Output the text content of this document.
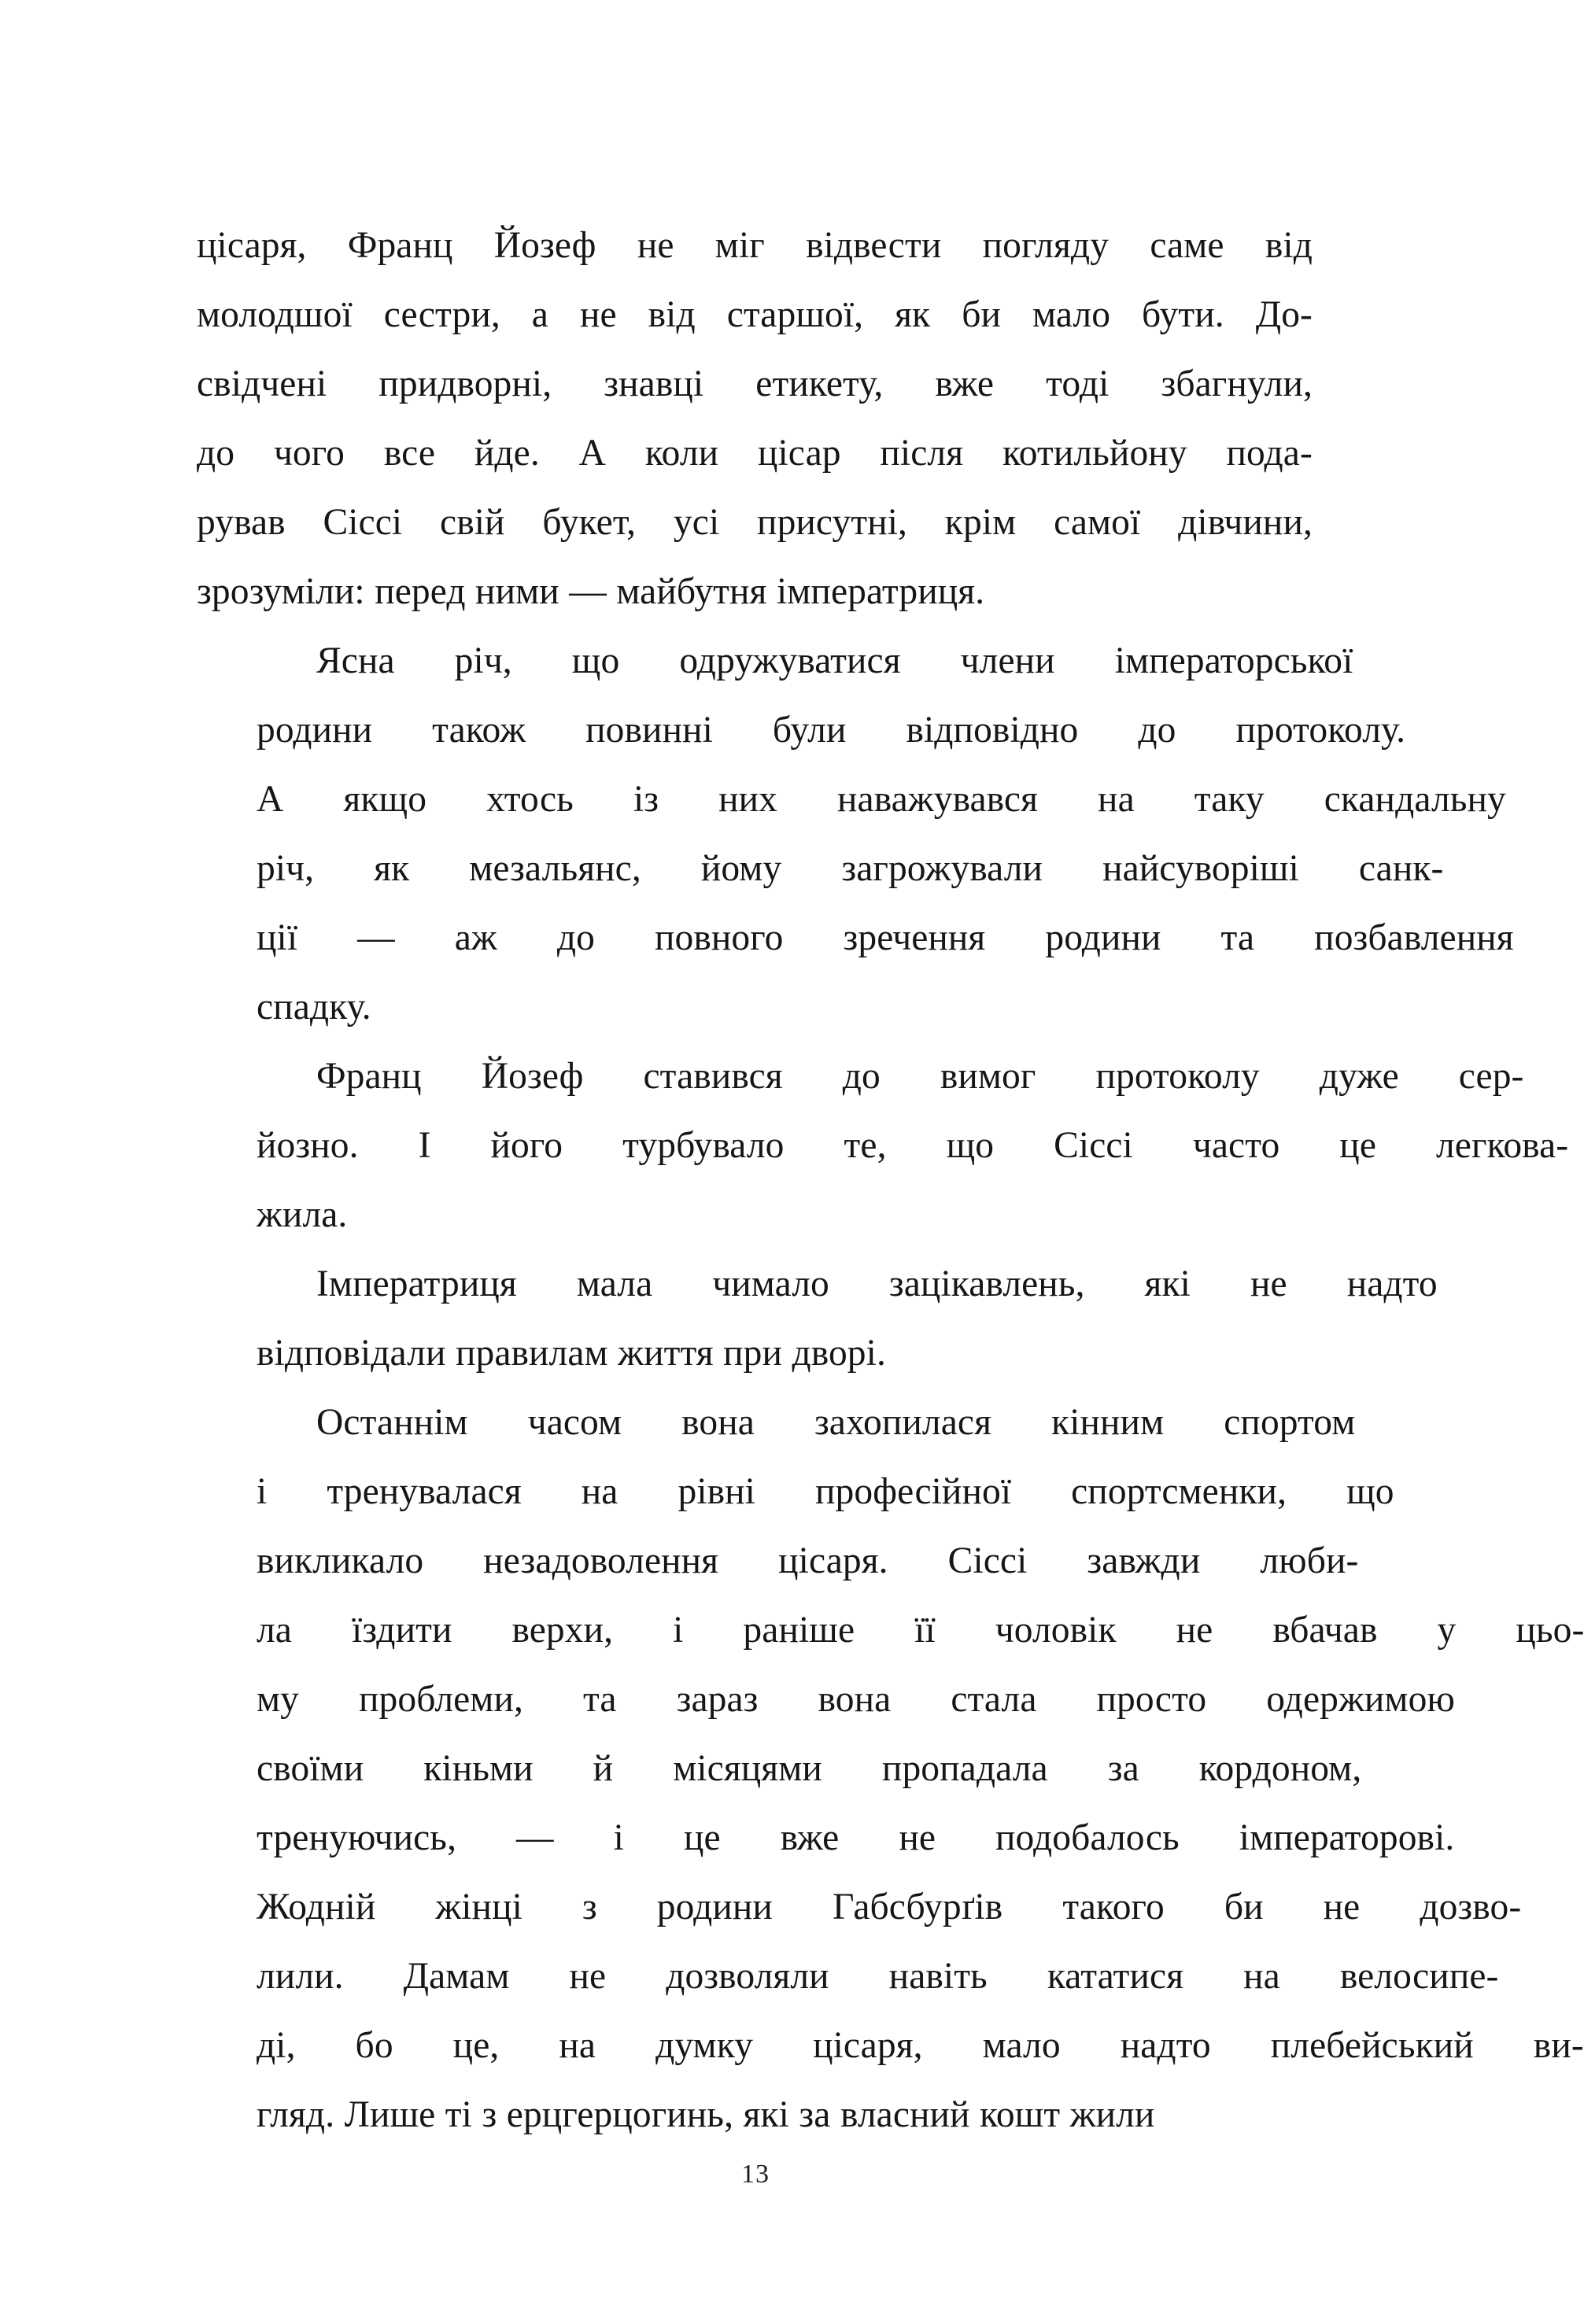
цісаря, Франц Йозеф не міг відвести погляду саме від
молодшої сестри, а не від старшої, як би мало бути. До-
свідчені придворні, знавці етикету, вже тоді збагнули,
до чого все йде. А коли цісар після котильйону пода-
рував Сіссі свій букет, усі присутні, крім самої дівчини,
зрозуміли: перед ними — майбутня імператриця.

Ясна	річ,	що	одружуватися	члени	імператорської
родини	також	повинні	були	відповідно	до	протоколу.
А	якщо	хтось	із	них	наважувався	на	таку	скандальну
річ,	як	мезальянс,	йому	загрожували	найсуворіші	санк-
ції	—	аж	до	повного	зречення	родини	та	позбавлення
спадку.

Франц	Йозеф	ставився	до	вимог	протоколу	дуже	сер-
йозно.	І	його	турбувало	те,	що	Сіссі	часто	це	легкова-
жила.

Імператриця	мала	чимало	зацікавлень,	які	не	надто
відповідали правилам життя при дворі.

Останнім	часом	вона	захопилася	кінним	спортом
і	тренувалася	на	рівні	професійної	спортсменки,	що
викликало	незадоволення	цісаря.	Сіссі	завжди	люби-
ла	їздити	верхи,	і	раніше	її	чоловік	не	вбачав	у	цьо-
му	проблеми,	та	зараз	вона	стала	просто	одержимою
своїми	кіньми	й	місяцями	пропадала	за	кордоном,
тренуючись,	—	і	це	вже	не	подобалось	імператорові.
Жодній	жінці	з	родини	Габсбурґів	такого	би	не	дозво-
лили.	Дамам	не	дозволяли	навіть	кататися	на	велосипе-
ді,	бо	це,	на	думку	цісаря,	мало	надто	плебейський	ви-
гляд. Лише ті з ерцгерцогинь, які за власний кошт жили

13
